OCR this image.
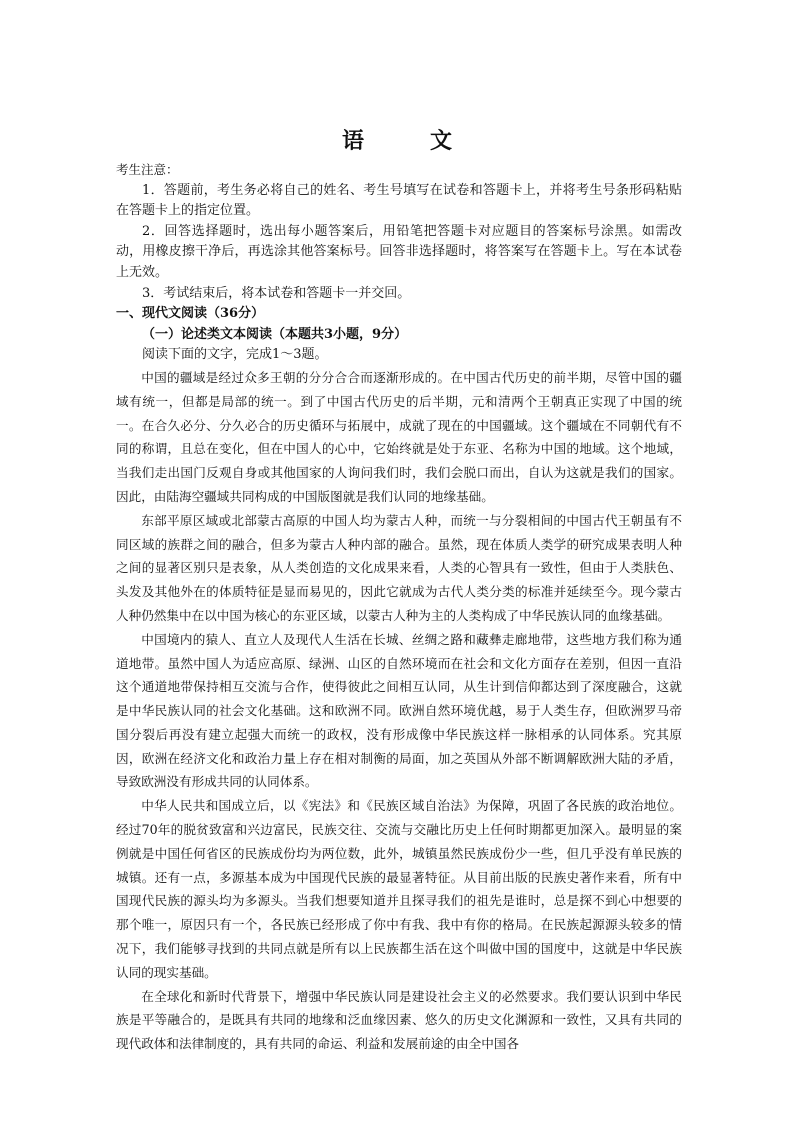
语　文

考生注意：

1．答题前，考生务必将自己的姓名、考生号填写在试卷和答题卡上，并将考生号条形码粘贴在答题卡上的指定位置。

2．回答选择题时，选出每小题答案后，用铅笔把答题卡对应题目的答案标号涂黑。如需改动，用橡皮擦干净后，再选涂其他答案标号。回答非选择题时，将答案写在答题卡上。写在本试卷上无效。

3．考试结束后，将本试卷和答题卡一并交回。

一、现代文阅读（36分）

（一）论述类文本阅读（本题共3小题，9分）

阅读下面的文字，完成1～3题。

中国的疆域是经过众多王朝的分分合合而逐渐形成的。在中国古代历史的前半期，尽管中国的疆域有统一，但都是局部的统一。到了中国古代历史的后半期，元和清两个王朝真正实现了中国的统一。在合久必分、分久必合的历史循环与拓展中，成就了现在的中国疆域。这个疆域在不同朝代有不同的称谓，且总在变化，但在中国人的心中，它始终就是处于东亚、名称为中国的地域。这个地域，当我们走出国门反观自身或其他国家的人询问我们时，我们会脱口而出，自认为这就是我们的国家。因此，由陆海空疆域共同构成的中国版图就是我们认同的地缘基础。

东部平原区域或北部蒙古高原的中国人均为蒙古人种，而统一与分裂相间的中国古代王朝虽有不同区域的族群之间的融合，但多为蒙古人种内部的融合。虽然，现在体质人类学的研究成果表明人种之间的显著区别只是表象，从人类创造的文化成果来看，人类的心智具有一致性，但由于人类肤色、头发及其他外在的体质特征是显而易见的，因此它就成为古代人类分类的标准并延续至今。现今蒙古人种仍然集中在以中国为核心的东亚区域，以蒙古人种为主的人类构成了中华民族认同的血缘基础。

中国境内的猿人、直立人及现代人生活在长城、丝绸之路和藏彝走廊地带，这些地方我们称为通道地带。虽然中国人为适应高原、绿洲、山区的自然环境而在社会和文化方面存在差别，但因一直沿这个通道地带保持相互交流与合作，使得彼此之间相互认同，从生计到信仰都达到了深度融合，这就是中华民族认同的社会文化基础。这和欧洲不同。欧洲自然环境优越，易于人类生存，但欧洲罗马帝国分裂后再没有建立起强大而统一的政权，没有形成像中华民族这样一脉相承的认同体系。究其原因，欧洲在经济文化和政治力量上存在相对制衡的局面，加之英国从外部不断调解欧洲大陆的矛盾，导致欧洲没有形成共同的认同体系。

中华人民共和国成立后，以《宪法》和《民族区域自治法》为保障，巩固了各民族的政治地位。经过70年的脱贫致富和兴边富民，民族交往、交流与交融比历史上任何时期都更加深入。最明显的案例就是中国任何省区的民族成份均为两位数，此外，城镇虽然民族成份少一些，但几乎没有单民族的城镇。还有一点，多源基本成为中国现代民族的最显著特征。从目前出版的民族史著作来看，所有中国现代民族的源头均为多源头。当我们想要知道并且探寻我们的祖先是谁时，总是探不到心中想要的那个唯一，原因只有一个，各民族已经形成了你中有我、我中有你的格局。在民族起源源头较多的情况下，我们能够寻找到的共同点就是所有以上民族都生活在这个叫做中国的国度中，这就是中华民族认同的现实基础。

在全球化和新时代背景下，增强中华民族认同是建设社会主义的必然要求。我们要认识到中华民族是平等融合的，是既具有共同的地缘和泛血缘因素、悠久的历史文化渊源和一致性，又具有共同的现代政体和法律制度的，具有共同的命运、利益和发展前途的由全中国各
